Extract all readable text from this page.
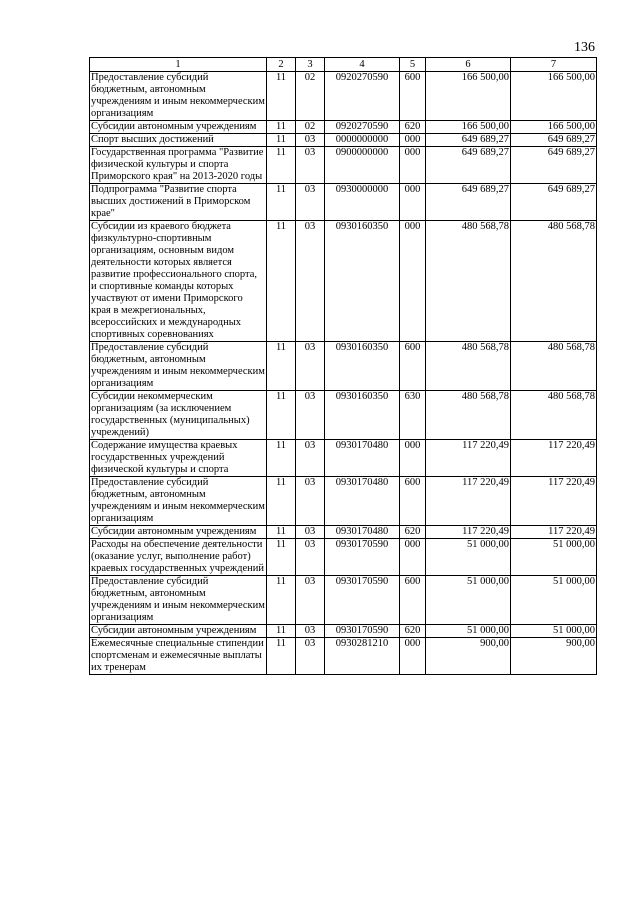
136
1	2	3	4	5	6	7
Предоставление субсидий бюджетным, автономным учреждениям и иным некоммерческим организациям	11	02	0920270590	600	166 500,00	166 500,00
Субсидии автономным учреждениям	11	02	0920270590	620	166 500,00	166 500,00
Спорт высших достижений	11	03	0000000000	000	649 689,27	649 689,27
Государственная программа "Развитие физической культуры и спорта Приморского края" на 2013-2020 годы	11	03	0900000000	000	649 689,27	649 689,27
Подпрограмма "Развитие спорта высших достижений в Приморском крае"	11	03	0930000000	000	649 689,27	649 689,27
Субсидии из краевого бюджета физкультурно-спортивным организациям, основным видом деятельности которых является развитие профессионального спорта, и спортивные команды которых участвуют от имени Приморского края в межрегиональных, всероссийских и международных спортивных соревнованиях	11	03	0930160350	000	480 568,78	480 568,78
Предоставление субсидий бюджетным, автономным учреждениям и иным некоммерческим организациям	11	03	0930160350	600	480 568,78	480 568,78
Субсидии некоммерческим организациям (за исключением государственных (муниципальных) учреждений)	11	03	0930160350	630	480 568,78	480 568,78
Содержание имущества краевых государственных учреждений физической культуры и спорта	11	03	0930170480	000	117 220,49	117 220,49
Предоставление субсидий бюджетным, автономным учреждениям и иным некоммерческим организациям	11	03	0930170480	600	117 220,49	117 220,49
Субсидии автономным учреждениям	11	03	0930170480	620	117 220,49	117 220,49
Расходы на обеспечение деятельности (оказание услуг, выполнение работ) краевых государственных учреждений	11	03	0930170590	000	51 000,00	51 000,00
Предоставление субсидий бюджетным, автономным учреждениям и иным некоммерческим организациям	11	03	0930170590	600	51 000,00	51 000,00
Субсидии автономным учреждениям	11	03	0930170590	620	51 000,00	51 000,00
Ежемесячные специальные стипендии спортсменам и ежемесячные выплаты их тренерам	11	03	0930281210	000	900,00	900,00
